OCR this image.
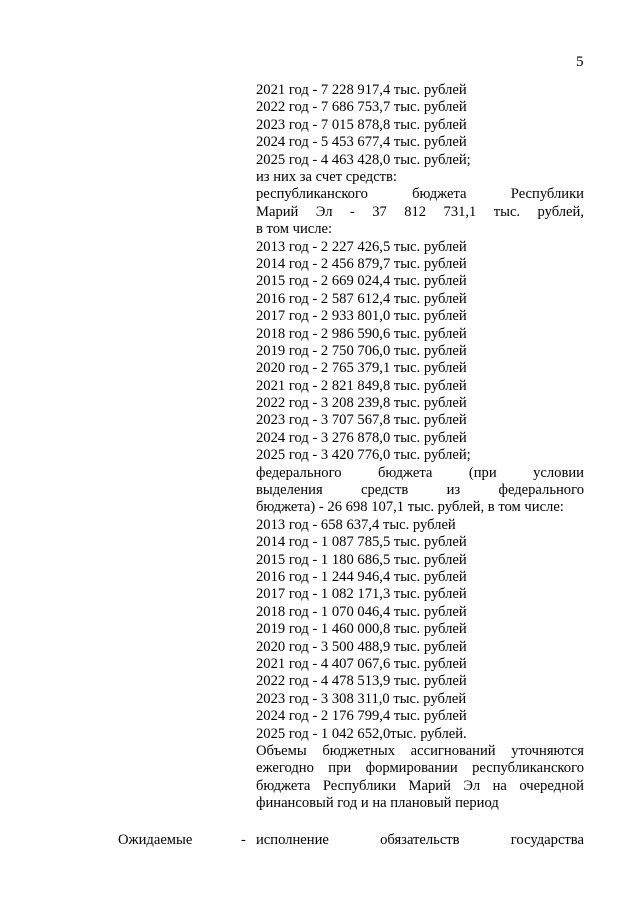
5
2021 год - 7 228 917,4 тыс. рублей
2022 год - 7 686 753,7 тыс. рублей
2023 год - 7 015 878,8 тыс. рублей
2024 год - 5 453 677,4 тыс. рублей
2025 год - 4 463 428,0 тыс. рублей;
из них за счет средств:
республиканского бюджета Республики
Марий Эл - 37 812 731,1 тыс. рублей,
в том числе:
2013 год - 2 227 426,5 тыс. рублей
2014 год - 2 456 879,7 тыс. рублей
2015 год - 2 669 024,4 тыс. рублей
2016 год - 2 587 612,4 тыс. рублей
2017 год - 2 933 801,0 тыс. рублей
2018 год - 2 986 590,6 тыс. рублей
2019 год - 2 750 706,0 тыс. рублей
2020 год - 2 765 379,1 тыс. рублей
2021 год - 2 821 849,8 тыс. рублей
2022 год - 3 208 239,8 тыс. рублей
2023 год - 3 707 567,8 тыс. рублей
2024 год - 3 276 878,0 тыс. рублей
2025 год - 3 420 776,0 тыс. рублей;
федерального бюджета (при условии
выделения средств из федерального
бюджета) - 26 698 107,1 тыс. рублей, в том числе:
2013 год - 658 637,4 тыс. рублей
2014 год - 1 087 785,5 тыс. рублей
2015 год - 1 180 686,5 тыс. рублей
2016 год - 1 244 946,4 тыс. рублей
2017 год - 1 082 171,3 тыс. рублей
2018 год - 1 070 046,4 тыс. рублей
2019 год - 1 460 000,8 тыс. рублей
2020 год - 3 500 488,9 тыс. рублей
2021 год - 4 407 067,6 тыс. рублей
2022 год - 4 478 513,9 тыс. рублей
2023 год - 3 308 311,0 тыс. рублей
2024 год - 2 176 799,4 тыс. рублей
2025 год - 1 042 652,0тыс. рублей.
Объемы бюджетных ассигнований уточняются
ежегодно при формировании республиканского
бюджета Республики Марий Эл на очередной
финансовый год и на плановый период
Ожидаемые	- исполнение обязательств государства
